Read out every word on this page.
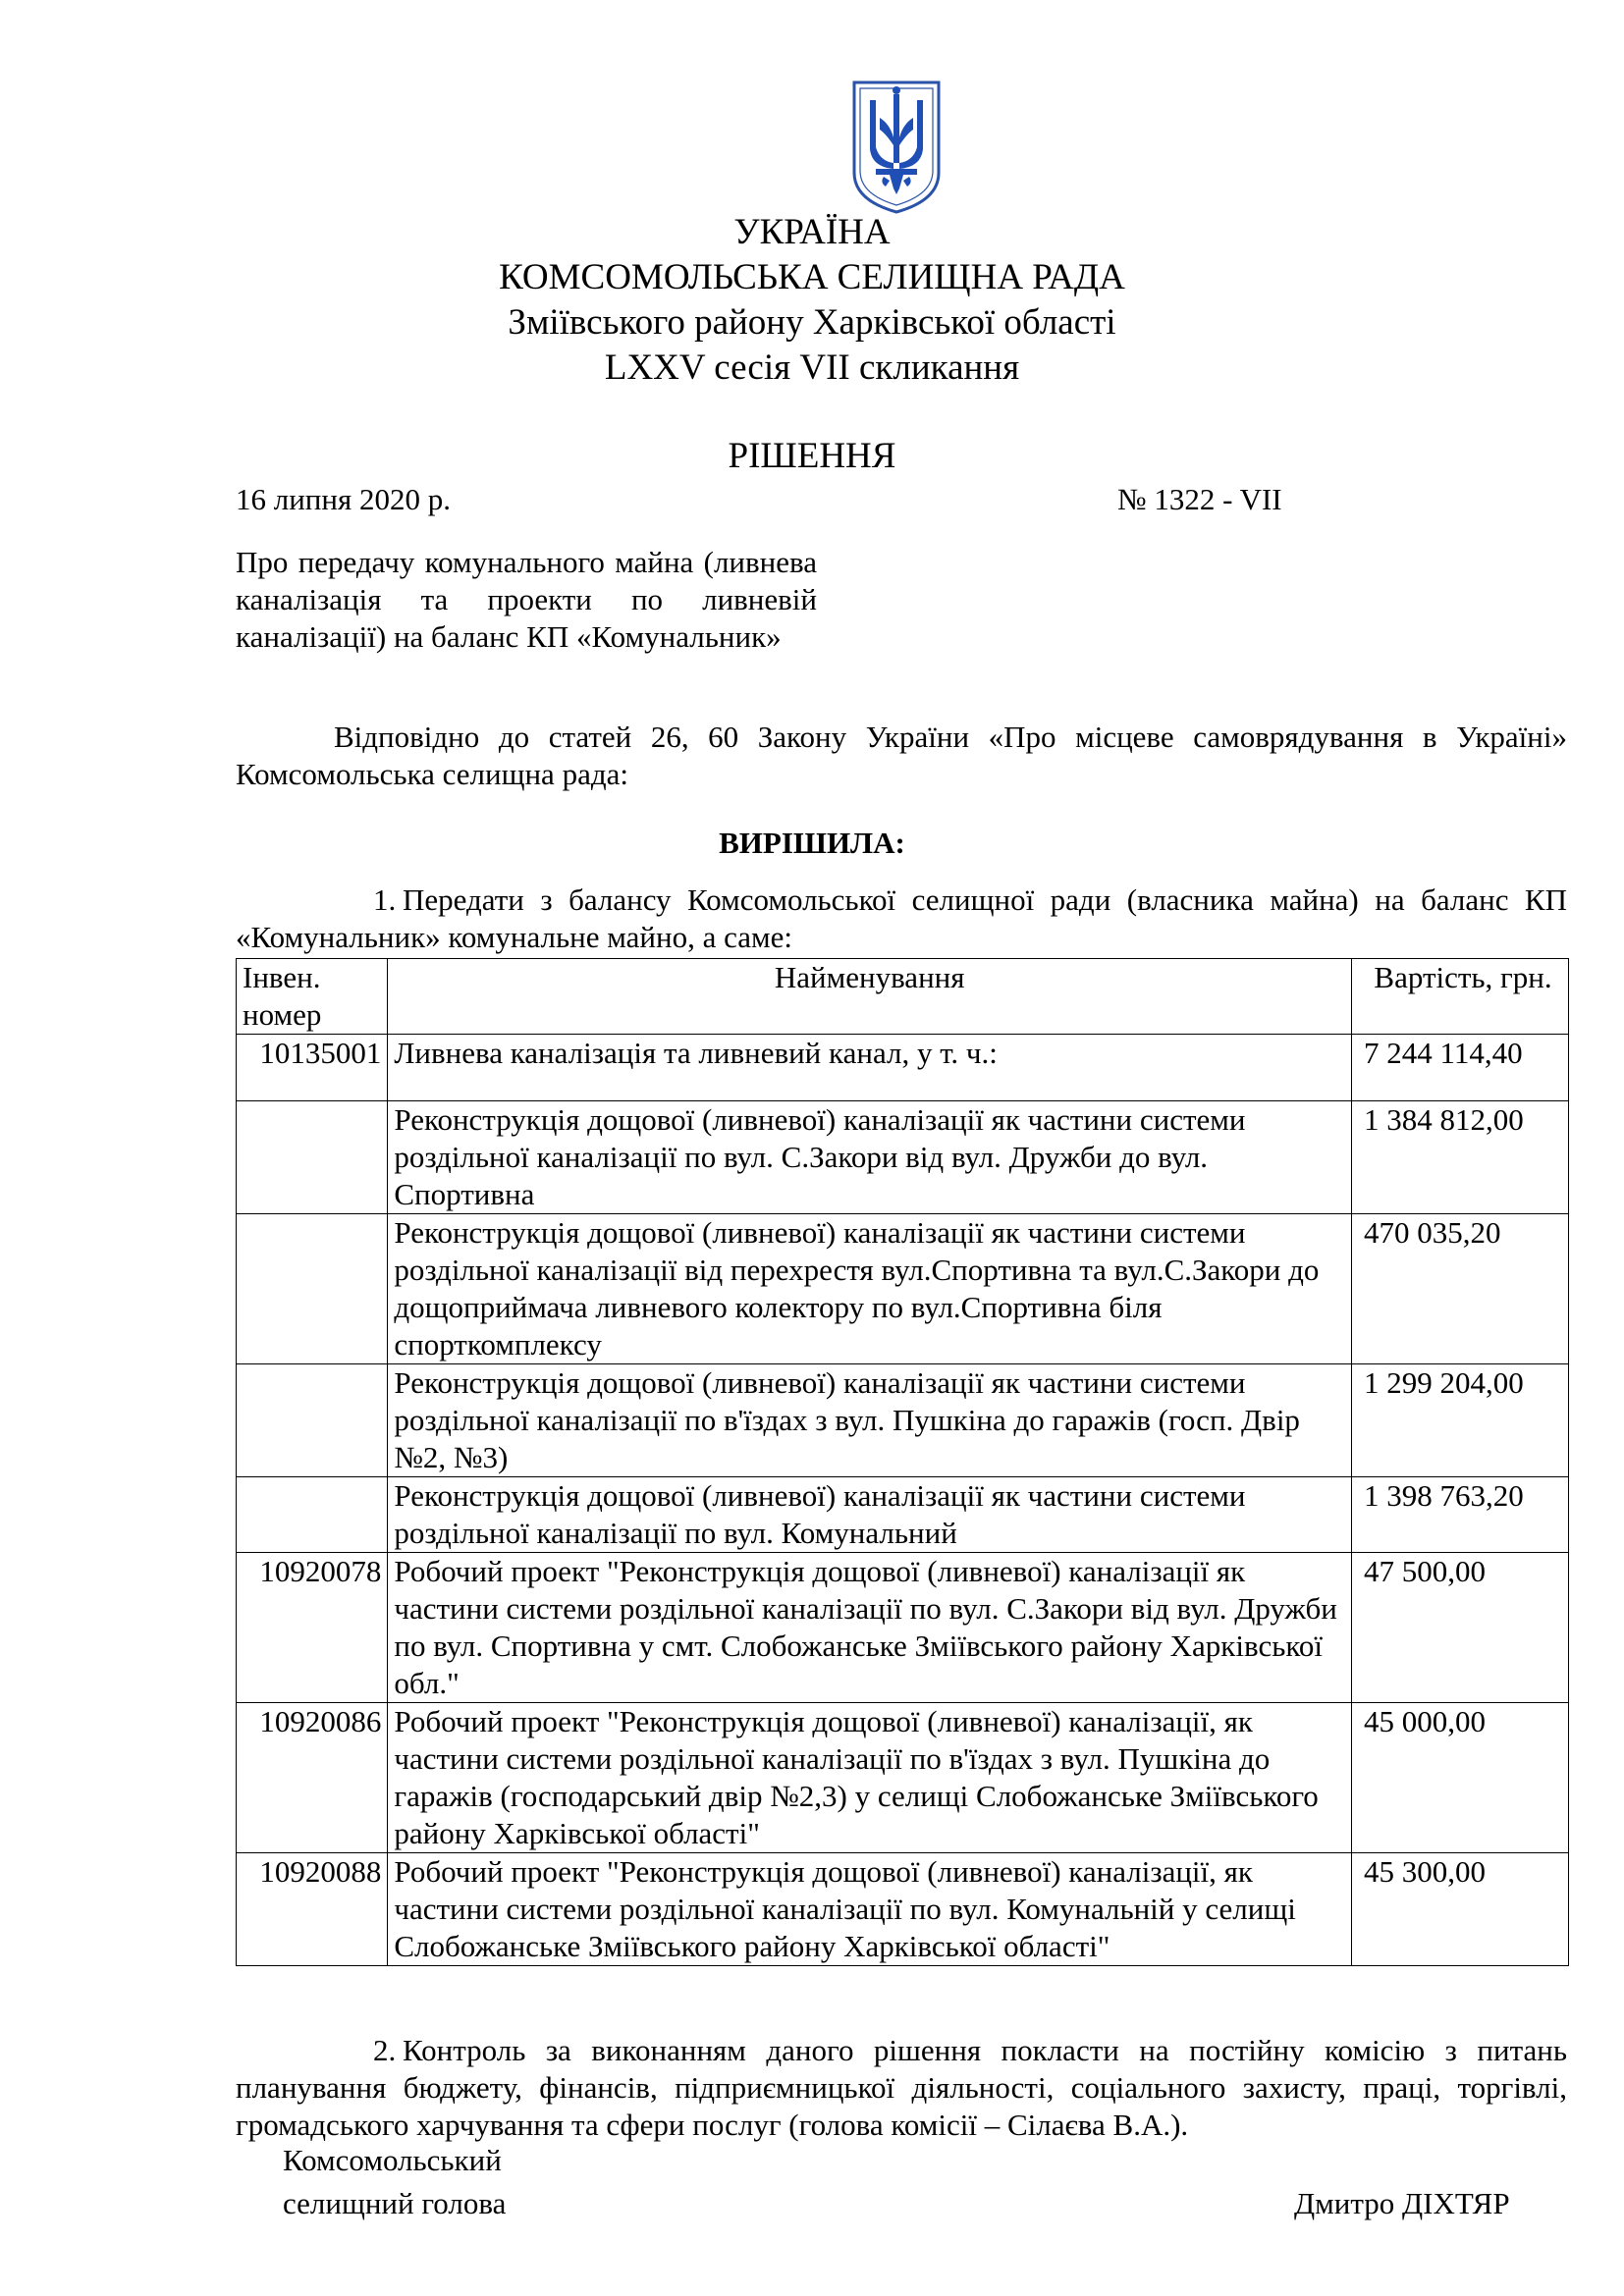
УКРАЇНА
КОМСОМОЛЬСЬКА СЕЛИЩНА РАДА
Зміївського району Харківської області
LXXV сесія VII скликання
РІШЕННЯ
16 липня 2020 р.	№ 1322 - VII
Про передачу комунального майна (ливнева каналізація та проекти по ливневій каналізації) на баланс КП «Комунальник»
Відповідно до статей 26, 60 Закону України «Про місцеве самоврядування в Україні» Комсомольська селищна рада:
ВИРІШИЛА:
1. Передати з балансу Комсомольської селищної ради (власника майна) на баланс КП «Комунальник» комунальне майно, а саме:
Інвен. номер	Найменування	Вартість, грн.
10135001	Ливнева каналізація та ливневий канал, у т. ч.:	7 244 114,40
	Реконструкція дощової (ливневої) каналізації як частини системи роздільної каналізації по вул. С.Закори від вул. Дружби до вул. Спортивна	1 384 812,00
	Реконструкція дощової (ливневої) каналізації як частини системи роздільної каналізації від перехрестя вул.Спортивна та вул.С.Закори до дощоприймача ливневого колектору по вул.Спортивна біля спорткомплексу	470 035,20
	Реконструкція дощової (ливневої) каналізації як частини системи роздільної каналізації по в'їздах з вул. Пушкіна до гаражів (госп. Двір №2, №3)	1 299 204,00
	Реконструкція дощової (ливневої) каналізації як частини системи роздільної каналізації по вул. Комунальний	1 398 763,20
10920078	Робочий проект "Реконструкція дощової (ливневої) каналізації як частини системи роздільної каналізації по вул. С.Закори від вул. Дружби по вул. Спортивна у смт. Слобожанське Зміївського району Харківської обл."	47 500,00
10920086	Робочий проект "Реконструкція дощової (ливневої) каналізації, як частини системи роздільної каналізації по в'їздах з вул. Пушкіна до гаражів (господарський двір №2,3) у селищі Слобожанське Зміївського району Харківської області"	45 000,00
10920088	Робочий проект "Реконструкція дощової (ливневої) каналізації, як частини системи роздільної каналізації по вул. Комунальній у селищі Слобожанське Зміївського району Харківської області"	45 300,00
2. Контроль за виконанням даного рішення покласти на постійну комісію з питань планування бюджету, фінансів, підприємницької діяльності, соціального захисту, праці, торгівлі, громадського харчування та сфери послуг (голова комісії – Сілаєва В.А.).
Комсомольський
селищний голова	Дмитро ДІХТЯР
